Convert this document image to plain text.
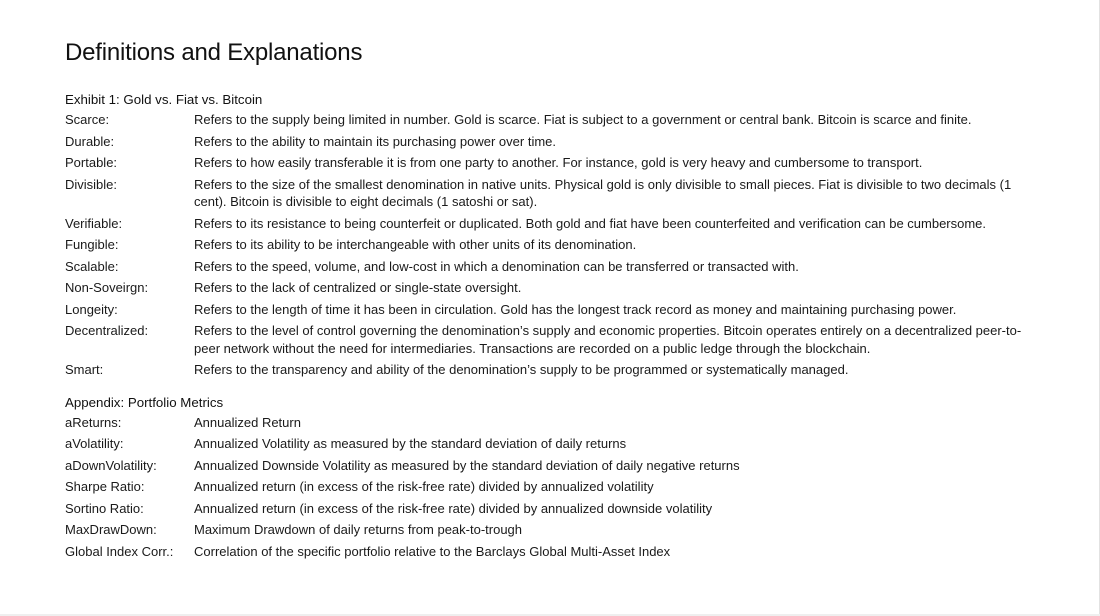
Definitions and Explanations
Exhibit 1: Gold vs. Fiat vs. Bitcoin
Scarce:	Refers to the supply being limited in number. Gold is scarce. Fiat is subject to a government or central bank. Bitcoin is scarce and finite.
Durable:	Refers to the ability to maintain its purchasing power over time.
Portable:	Refers to how easily transferable it is from one party to another. For instance, gold is very heavy and cumbersome to transport.
Divisible:	Refers to the size of the smallest denomination in native units. Physical gold is only divisible to small pieces. Fiat is divisible to two decimals (1 cent). Bitcoin is divisible to eight decimals (1 satoshi or sat).
Verifiable:	Refers to its resistance to being counterfeit or duplicated. Both gold and fiat have been counterfeited and verification can be cumbersome.
Fungible:	Refers to its ability to be interchangeable with other units of its denomination.
Scalable:	Refers to the speed, volume, and low-cost in which a denomination can be transferred or transacted with.
Non-Soveirgn:	Refers to the lack of centralized or single-state oversight.
Longeity:	Refers to the length of time it has been in circulation. Gold has the longest track record as money and maintaining purchasing power.
Decentralized:	Refers to the level of control governing the denomination’s supply and economic properties. Bitcoin operates entirely on a decentralized peer-to-peer network without the need for intermediaries. Transactions are recorded on a public ledge through the blockchain.
Smart:	Refers to the transparency and ability of the denomination’s supply to be programmed or systematically managed.
Appendix: Portfolio Metrics
aReturns:	Annualized Return
aVolatility:	Annualized Volatility as measured by the standard deviation of daily returns
aDownVolatility:	Annualized Downside Volatility as measured by the standard deviation of daily negative returns
Sharpe Ratio:	Annualized return (in excess of the risk-free rate) divided by annualized volatility
Sortino Ratio:	Annualized return (in excess of the risk-free rate) divided by annualized downside volatility
MaxDrawDown:	Maximum Drawdown of daily returns from peak-to-trough
Global Index Corr.:	Correlation of the specific portfolio relative to the Barclays Global Multi-Asset Index
